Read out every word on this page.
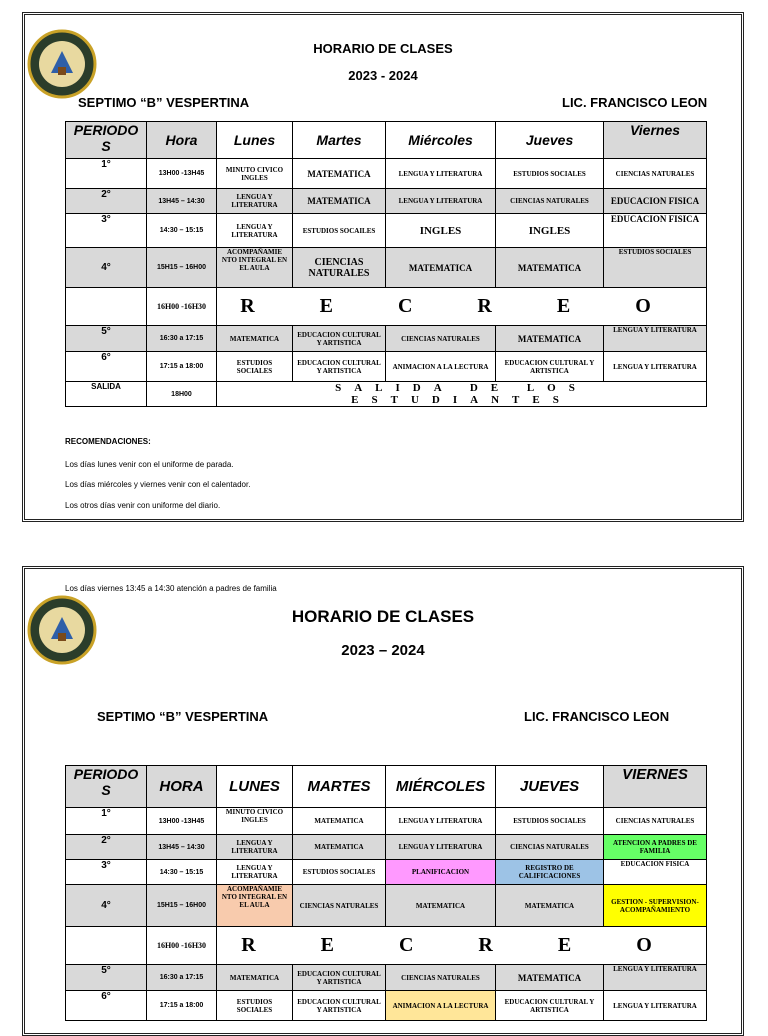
HORARIO DE CLASES
2023 - 2024
SEPTIMO “B” VESPERTINA	LIC. FRANCISCO LEON
PERIODO S	Hora	Lunes	Martes	Miércoles	Jueves	Viernes
1°	13H00 -13H45	MINUTO CIVICO INGLES	MATEMATICA	LENGUA Y LITERATURA	ESTUDIOS SOCIALES	CIENCIAS NATURALES
2°	13H45 – 14:30	LENGUA Y LITERATURA	MATEMATICA	LENGUA Y LITERATURA	CIENCIAS NATURALES	EDUCACION FISICA
3°	14:30 – 15:15	LENGUA Y LITERATURA	ESTUDIOS SOCAILES	INGLES	INGLES	EDUCACION FISICA
4°	15H15 – 16H00	ACOMPAÑAMIE NTO INTEGRAL EN EL AULA	CIENCIAS NATURALES	MATEMATICA	MATEMATICA	ESTUDIOS SOCIALES
	16H00 -16H30	R E C R E O				
5°	16:30 a 17:15	MATEMATICA	EDUCACION CULTURAL Y ARTISTICA	CIENCIAS NATURALES	MATEMATICA	LENGUA Y LITERATURA
6°	17:15 a 18:00	ESTUDIOS SOCIALES	EDUCACION CULTURAL Y ARTISTICA	ANIMACION A LA LECTURA	EDUCACION CULTURAL Y ARTISTICA	LENGUA Y LITERATURA
SALIDA	18H00	SALIDA DE LOS ESTUDIANTES				
RECOMENDACIONES:
Los días lunes venir con el uniforme de parada.
Los días miércoles y viernes venir con el calentador.
Los otros días venir con uniforme del diario.
Los días viernes 13:45 a 14:30 atención a padres de familia
HORARIO DE CLASES
2023 – 2024
SEPTIMO “B” VESPERTINA	LIC. FRANCISCO LEON
PERIODO S	HORA	LUNES	MARTES	MIÉRCOLES	JUEVES	VIERNES
1°	13H00 -13H45	MINUTO CIVICO INGLES	MATEMATICA	LENGUA Y LITERATURA	ESTUDIOS SOCIALES	CIENCIAS NATURALES
2°	13H45 – 14:30	LENGUA Y LITERATURA	MATEMATICA	LENGUA Y LITERATURA	CIENCIAS NATURALES	ATENCION A PADRES DE FAMILIA
3°	14:30 – 15:15	LENGUA Y LITERATURA	ESTUDIOS SOCIALES	PLANIFICACION	REGISTRO DE CALIFICACIONES	EDUCACION FISICA
4°	15H15 – 16H00	ACOMPAÑAMIE NTO INTEGRAL EN EL AULA	CIENCIAS NATURALES	MATEMATICA	MATEMATICA	GESTION - SUPERVISION- ACOMPAÑAMIENTO
	16H00 -16H30	R E C R E O				
5°	16:30 a 17:15	MATEMATICA	EDUCACION CULTURAL Y ARTISTICA	CIENCIAS NATURALES	MATEMATICA	LENGUA Y LITERATURA
6°	17:15 a 18:00	ESTUDIOS SOCIALES	EDUCACION CULTURAL Y ARTISTICA	ANIMACION A LA LECTURA	EDUCACION CULTURAL Y ARTISTICA	LENGUA Y LITERATURA
